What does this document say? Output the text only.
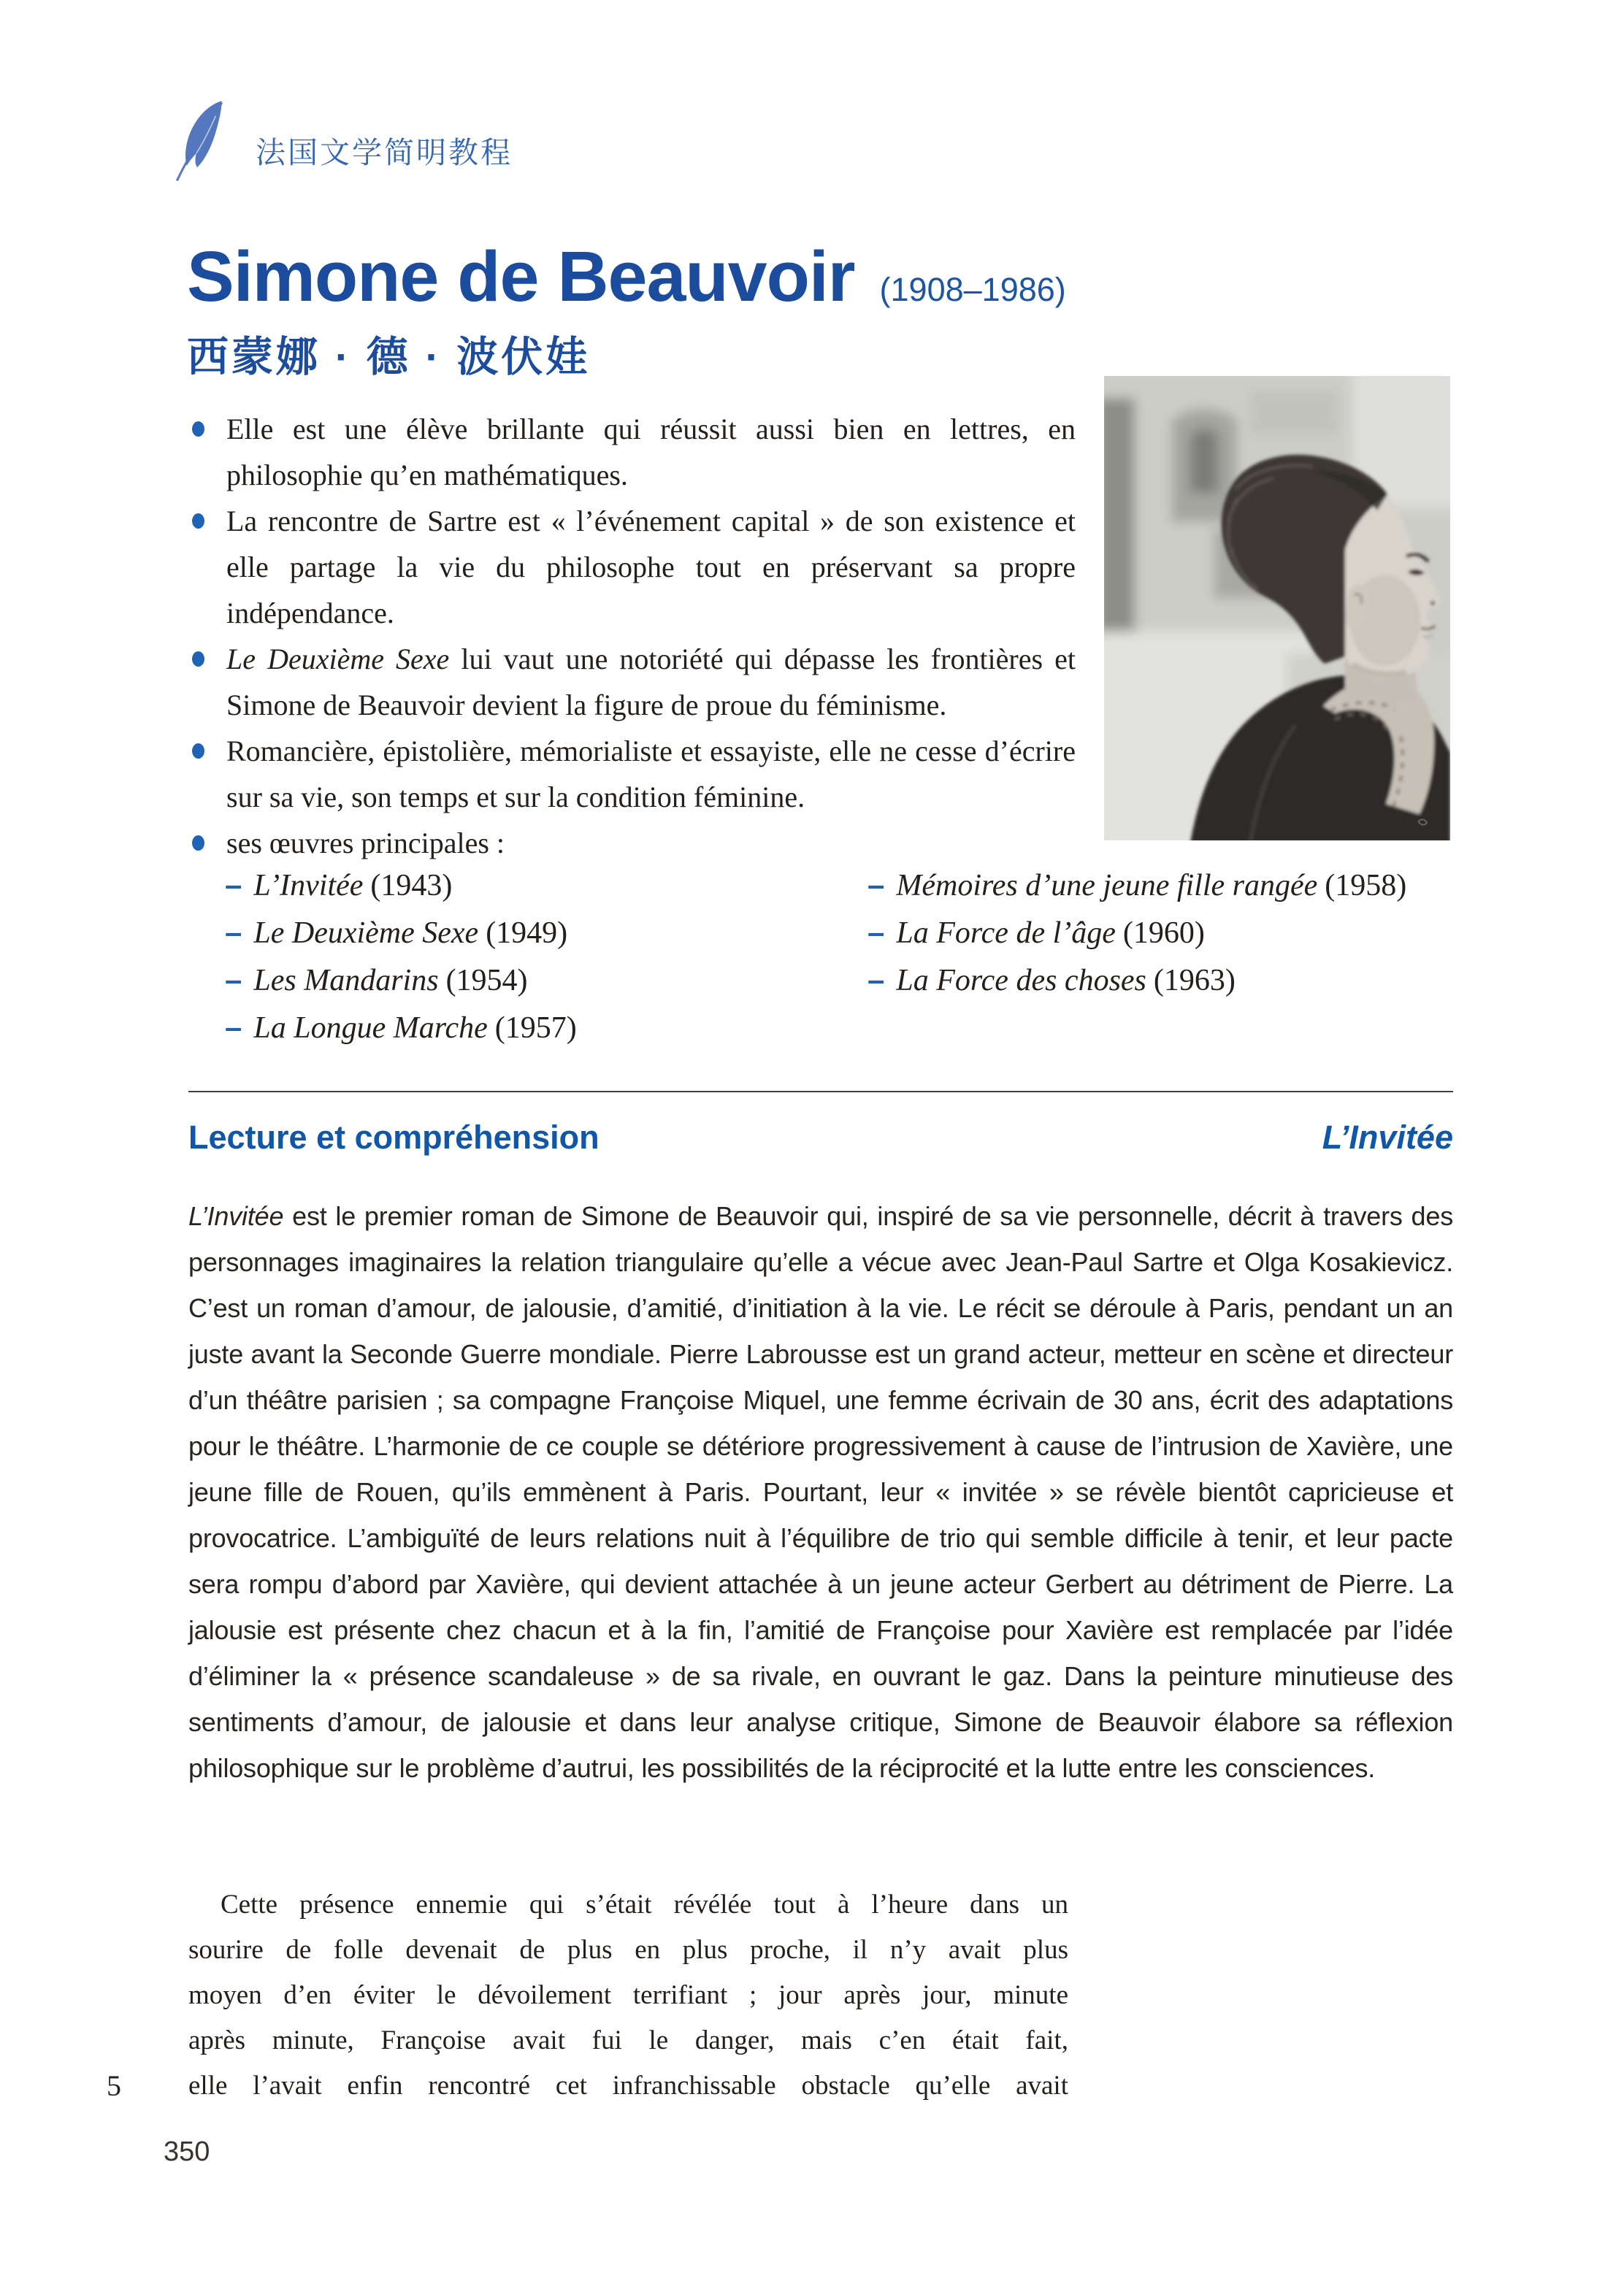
法国文学简明教程
Simone de Beauvoir (1908–1986)
西蒙娜 · 德 · 波伏娃
Elle est une élève brillante qui réussit aussi bien en lettres, en philosophie qu’en mathématiques.
La rencontre de Sartre est « l’événement capital » de son existence et elle partage la vie du philosophe tout en préservant sa propre indépendance.
Le Deuxième Sexe lui vaut une notoriété qui dépasse les frontières et Simone de Beauvoir devient la figure de proue du féminisme.
Romancière, épistolière, mémorialiste et essayiste, elle ne cesse d’écrire sur sa vie, son temps et sur la condition féminine.
ses œuvres principales :
– L’Invitée (1943)	– Mémoires d’une jeune fille rangée (1958)
– Le Deuxième Sexe (1949)	– La Force de l’âge (1960)
– Les Mandarins (1954)	– La Force des choses (1963)
– La Longue Marche (1957)
Lecture et compréhension	L’Invitée

L’Invitée est le premier roman de Simone de Beauvoir qui, inspiré de sa vie personnelle, décrit à travers des personnages imaginaires la relation triangulaire qu’elle a vécue avec Jean-Paul Sartre et Olga Kosakievicz. C’est un roman d’amour, de jalousie, d’amitié, d’initiation à la vie. Le récit se déroule à Paris, pendant un an juste avant la Seconde Guerre mondiale. Pierre Labrousse est un grand acteur, metteur en scène et directeur d’un théâtre parisien ; sa compagne Françoise Miquel, une femme écrivain de 30 ans, écrit des adaptations pour le théâtre. L’harmonie de ce couple se détériore progressivement à cause de l’intrusion de Xavière, une jeune fille de Rouen, qu’ils emmènent à Paris. Pourtant, leur « invitée » se révèle bientôt capricieuse et provocatrice. L’ambiguïté de leurs relations nuit à l’équilibre de trio qui semble difficile à tenir, et leur pacte sera rompu d’abord par Xavière, qui devient attachée à un jeune acteur Gerbert au détriment de Pierre. La jalousie est présente chez chacun et à la fin, l’amitié de Françoise pour Xavière est remplacée par l’idée d’éliminer la « présence scandaleuse » de sa rivale, en ouvrant le gaz. Dans la peinture minutieuse des sentiments d’amour, de jalousie et dans leur analyse critique, Simone de Beauvoir élabore sa réflexion philosophique sur le problème d’autrui, les possibilités de la réciprocité et la lutte entre les consciences.

5
Cette présence ennemie qui s’était révélée tout à l’heure dans un
sourire de folle devenait de plus en plus proche, il n’y avait plus
moyen d’en éviter le dévoilement terrifiant ; jour après jour, minute
après minute, Françoise avait fui le danger, mais c’en était fait,
elle l’avait enfin rencontré cet infranchissable obstacle qu’elle avait
350
